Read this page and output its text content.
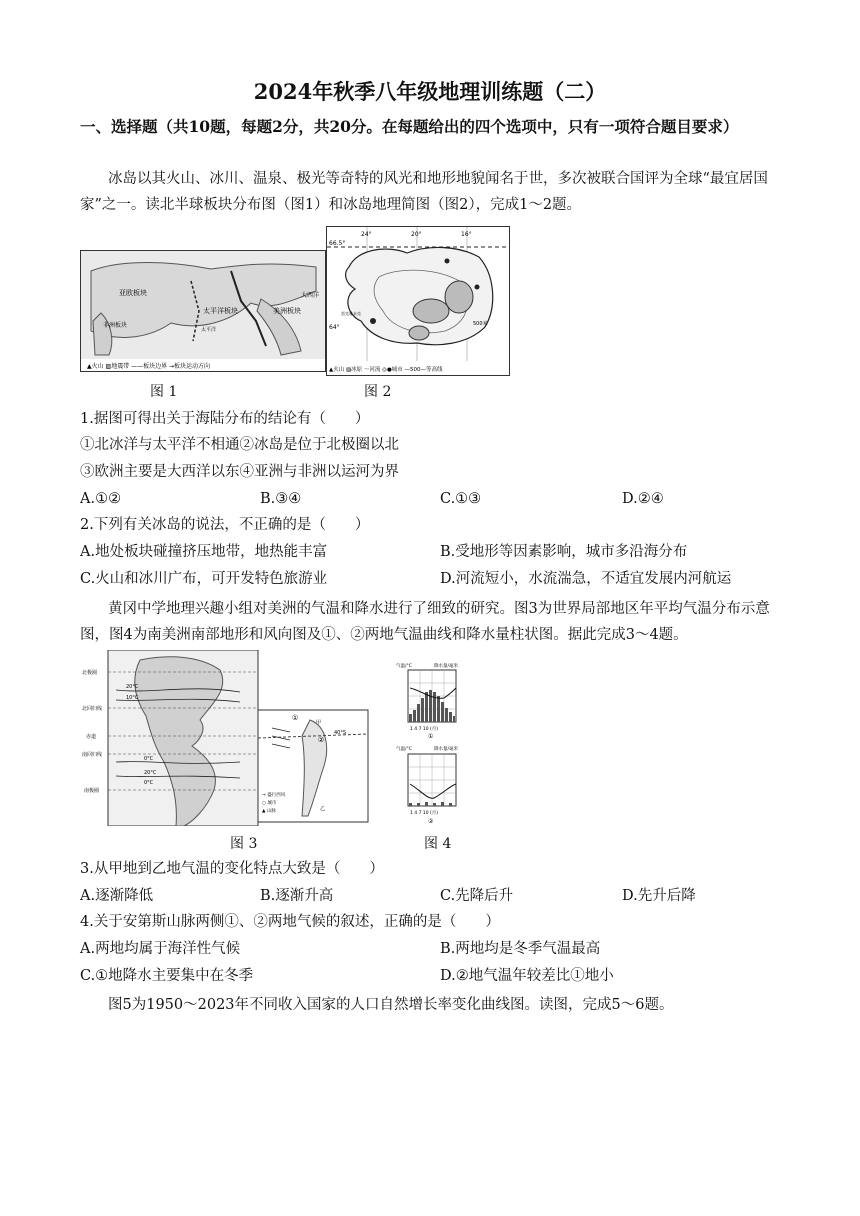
2024年秋季八年级地理训练题（二）
一、选择题（共10题，每题2分，共20分。在每题给出的四个选项中，只有一项符合题目要求）
冰岛以其火山、冰川、温泉、极光等奇特的风光和地形地貌闻名于世，多次被联合国评为全球“最宜居国家”之一。读北半球板块分布图（图1）和冰岛地理简图（图2），完成1～2题。
亚欧板块
太平洋板块	美洲板块
非洲板块
太平洋
大西洋
▲火山 ▨地震带 ——板块边界 →板块运动方向
24°	20°	16°
66.5°
64°	500米
雷克雅未克
▲火山 ▨冰原 ～河流 ◎●城市 —500—等高线
图 1	图 2
1.据图可得出关于海陆分布的结论有（　　）
①北冰洋与太平洋不相通②冰岛是位于北极圈以北
③欧洲主要是大西洋以东④亚洲与非洲以运河为界
A.①②	B.③④	C.①③	D.②④
2.下列有关冰岛的说法，不正确的是（　　）
A.地处板块碰撞挤压地带，地热能丰富	B.受地形等因素影响，城市多沿海分布
C.火山和冰川广布，可开发特色旅游业	D.河流短小，水流湍急，不适宜发展内河航运
黄冈中学地理兴趣小组对美洲的气温和降水进行了细致的研究。图3为世界局部地区年平均气温分布示意图，图4为南美洲南部地形和风向图及①、②两地气温曲线和降水量柱状图。据此完成3～4题。
北极圈
北回归线
赤道
南回归线
南极圈
20°C
10°C
0°C
20°C
0°C
40°S
①
②
甲
乙
→ 盛行西风
○ 城市
▲ 山脉
气温/°C	降水量/毫米
1 4 7 10 (月)
①
气温/°C	降水量/毫米
1 4 7 10 (月)
②
图 3	图 4
3.从甲地到乙地气温的变化特点大致是（　　）
A.逐渐降低	B.逐渐升高	C.先降后升	D.先升后降
4.关于安第斯山脉两侧①、②两地气候的叙述，正确的是（　　）
A.两地均属于海洋性气候	B.两地均是冬季气温最高
C.①地降水主要集中在冬季	D.②地气温年较差比①地小
图5为1950～2023年不同收入国家的人口自然增长率变化曲线图。读图，完成5～6题。
